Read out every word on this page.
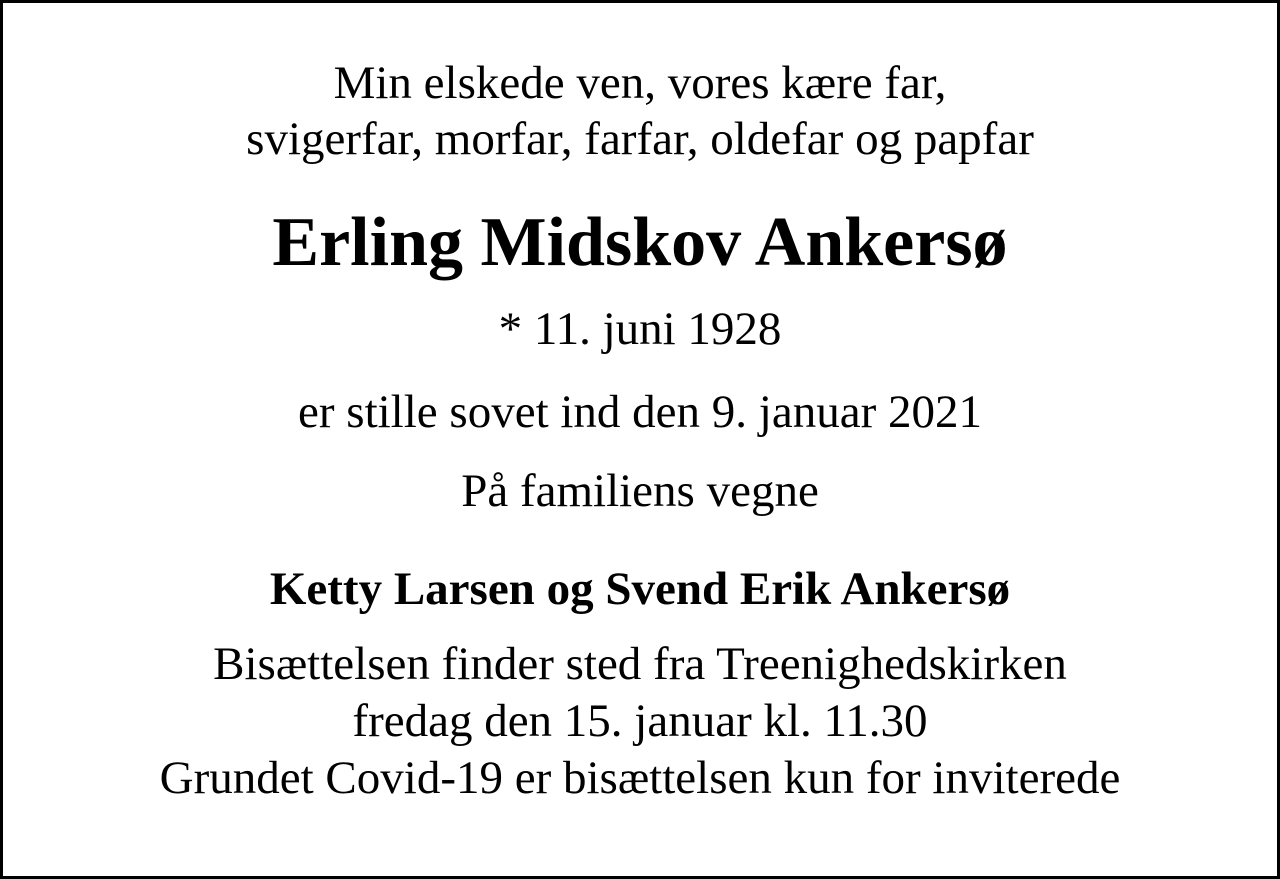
Min elskede ven, vores kære far,
svigerfar, morfar, farfar, oldefar og papfar

Erling Midskov Ankersø

* 11. juni 1928

er stille sovet ind den 9. januar 2021

På familiens vegne

Ketty Larsen og Svend Erik Ankersø

Bisættelsen finder sted fra Treenighedskirken
fredag den 15. januar kl. 11.30
Grundet Covid-19 er bisættelsen kun for inviterede
